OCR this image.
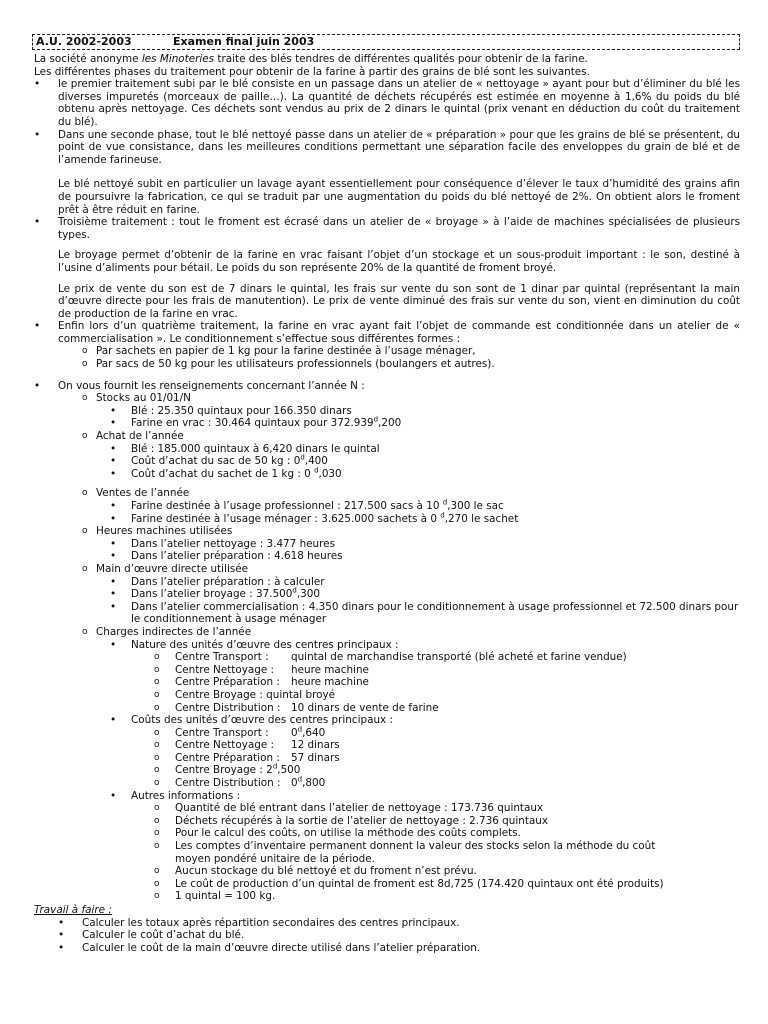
A.U. 2002-2003	Examen final juin 2003

La société anonyme les Minoteries traite des blés tendres de différentes qualités pour obtenir de la farine.

Les différentes phases du traitement pour obtenir de la farine à partir des grains de blé sont les suivantes.

• le premier traitement subi par le blé consiste en un passage dans un atelier de « nettoyage » ayant pour but d’éliminer du blé les diverses impuretés (morceaux de paille…). La quantité de déchets récupérés est estimée en moyenne à 1,6% du poids du blé obtenu après nettoyage. Ces déchets sont vendus au prix de 2 dinars le quintal (prix venant en déduction du coût du traitement du blé).

• Dans une seconde phase, tout le blé nettoyé passe dans un atelier de « préparation » pour que les grains de blé se présentent, du point de vue consistance, dans les meilleures conditions permettant une séparation facile des enveloppes du grain de blé et de l’amende farineuse.

Le blé nettoyé subit en particulier un lavage ayant essentiellement pour conséquence d’élever le taux d’humidité des grains afin de poursuivre la fabrication, ce qui se traduit par une augmentation du poids du blé nettoyé de 2%. On obtient alors le froment prêt à être réduit en farine.

• Troisième traitement : tout le froment est écrasé dans un atelier de « broyage » à l’aide de machines spécialisées de plusieurs types.

Le broyage permet d’obtenir de la farine en vrac faisant l’objet d’un stockage et un sous-produit important : le son, destiné à l’usine d’aliments pour bétail. Le poids du son représente 20% de la quantité de froment broyé.

Le prix de vente du son est de 7 dinars le quintal, les frais sur vente du son sont de 1 dinar par quintal (représentant la main d’œuvre directe pour les frais de manutention). Le prix de vente diminué des frais sur vente du son, vient en diminution du coût de production de la farine en vrac.

• Enfin lors d’un quatrième traitement, la farine en vrac ayant fait l’objet de commande est conditionnée dans un atelier de « commercialisation ». Le conditionnement s’effectue sous différentes formes :

o Par sachets en papier de 1 kg pour la farine destinée à l’usage ménager,
o Par sacs de 50 kg pour les utilisateurs professionnels (boulangers et autres).
• On vous fournit les renseignements concernant l’année N :
o Stocks au 01/01/N
• Blé : 25.350 quintaux pour 166.350 dinars
• Farine en vrac : 30.464 quintaux pour 372.939$^d$,200
o Achat de l’année
• Blé : 185.000 quintaux à 6,420 dinars le quintal
• Coût d’achat du sac de 50 kg : 0$^d$,400
• Coût d’achat du sachet de 1 kg : 0 $^d$,030
o Ventes de l’année
• Farine destinée à l’usage professionnel : 217.500 sacs à 10 $^d$,300 le sac
• Farine destinée à l’usage ménager : 3.625.000 sachets à 0 $^d$,270 le sachet
o Heures machines utilisées
• Dans l’atelier nettoyage : 3.477 heures
• Dans l’atelier préparation : 4.618 heures
o Main d’œuvre directe utilisée
• Dans l’atelier préparation : à calculer
• Dans l’atelier broyage : 37.500$^d$,300
• Dans l’atelier commercialisation : 4.350 dinars pour le conditionnement à usage professionnel et 72.500 dinars pour le conditionnement à usage ménager
o Charges indirectes de l’année
• Nature des unités d’œuvre des centres principaux :
o Centre Transport : quintal de marchandise transporté (blé acheté et farine vendue)
o Centre Nettoyage : heure machine
o Centre Préparation : heure machine
o Centre Broyage : quintal broyé
o Centre Distribution : 10 dinars de vente de farine
• Coûts des unités d’œuvre des centres principaux :
o Centre Transport : 0$^d$,640
o Centre Nettoyage : 12 dinars
o Centre Préparation : 57 dinars
o Centre Broyage : 2$^d$,500
o Centre Distribution : 0$^d$,800
• Autres informations :
o Quantité de blé entrant dans l’atelier de nettoyage : 173.736 quintaux
o Déchets récupérés à la sortie de l’atelier de nettoyage : 2.736 quintaux
o Pour le calcul des coûts, on utilise la méthode des coûts complets.
o Les comptes d’inventaire permanent donnent la valeur des stocks selon la méthode du coût moyen pondéré unitaire de la période.
o Aucun stockage du blé nettoyé et du froment n’est prévu.
o Le coût de production d’un quintal de froment est 8d,725 (174.420 quintaux ont été produits)
o 1 quintal = 100 kg.

Travail à faire :

• Calculer les totaux après répartition secondaires des centres principaux.
• Calculer le coût d’achat du blé.
• Calculer le coût de la main d’œuvre directe utilisé dans l’atelier préparation.
